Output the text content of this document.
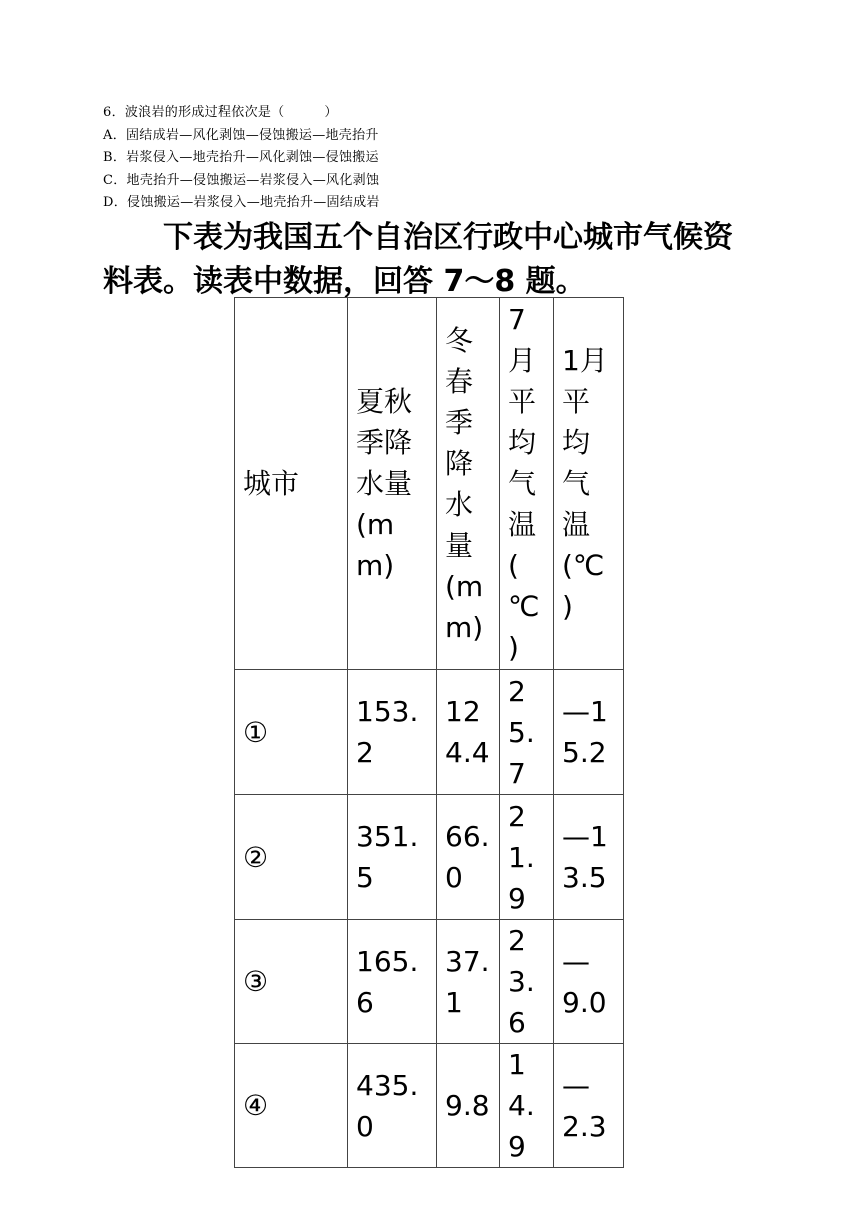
6．波浪岩的形成过程依次是（　　　）
A．固结成岩—风化剥蚀—侵蚀搬运—地壳抬升
B．岩浆侵入—地壳抬升—风化剥蚀—侵蚀搬运
C．地壳抬升—侵蚀搬运—岩浆侵入—风化剥蚀
D．侵蚀搬运—岩浆侵入—地壳抬升—固结成岩
下表为我国五个自治区行政中心城市气候资料表。读表中数据，回答 7～8 题。
城市	夏秋季降水量(mm)	冬春季降水量(mm)	7月平均气温(℃)	1月平均气温(℃)
①	153.2	124.4	25.7	—15.2
②	351.5	66.0	21.9	—13.5
③	165.6	37.1	23.6	—9.0
④	435.0	9.8	14.9	—2.3
